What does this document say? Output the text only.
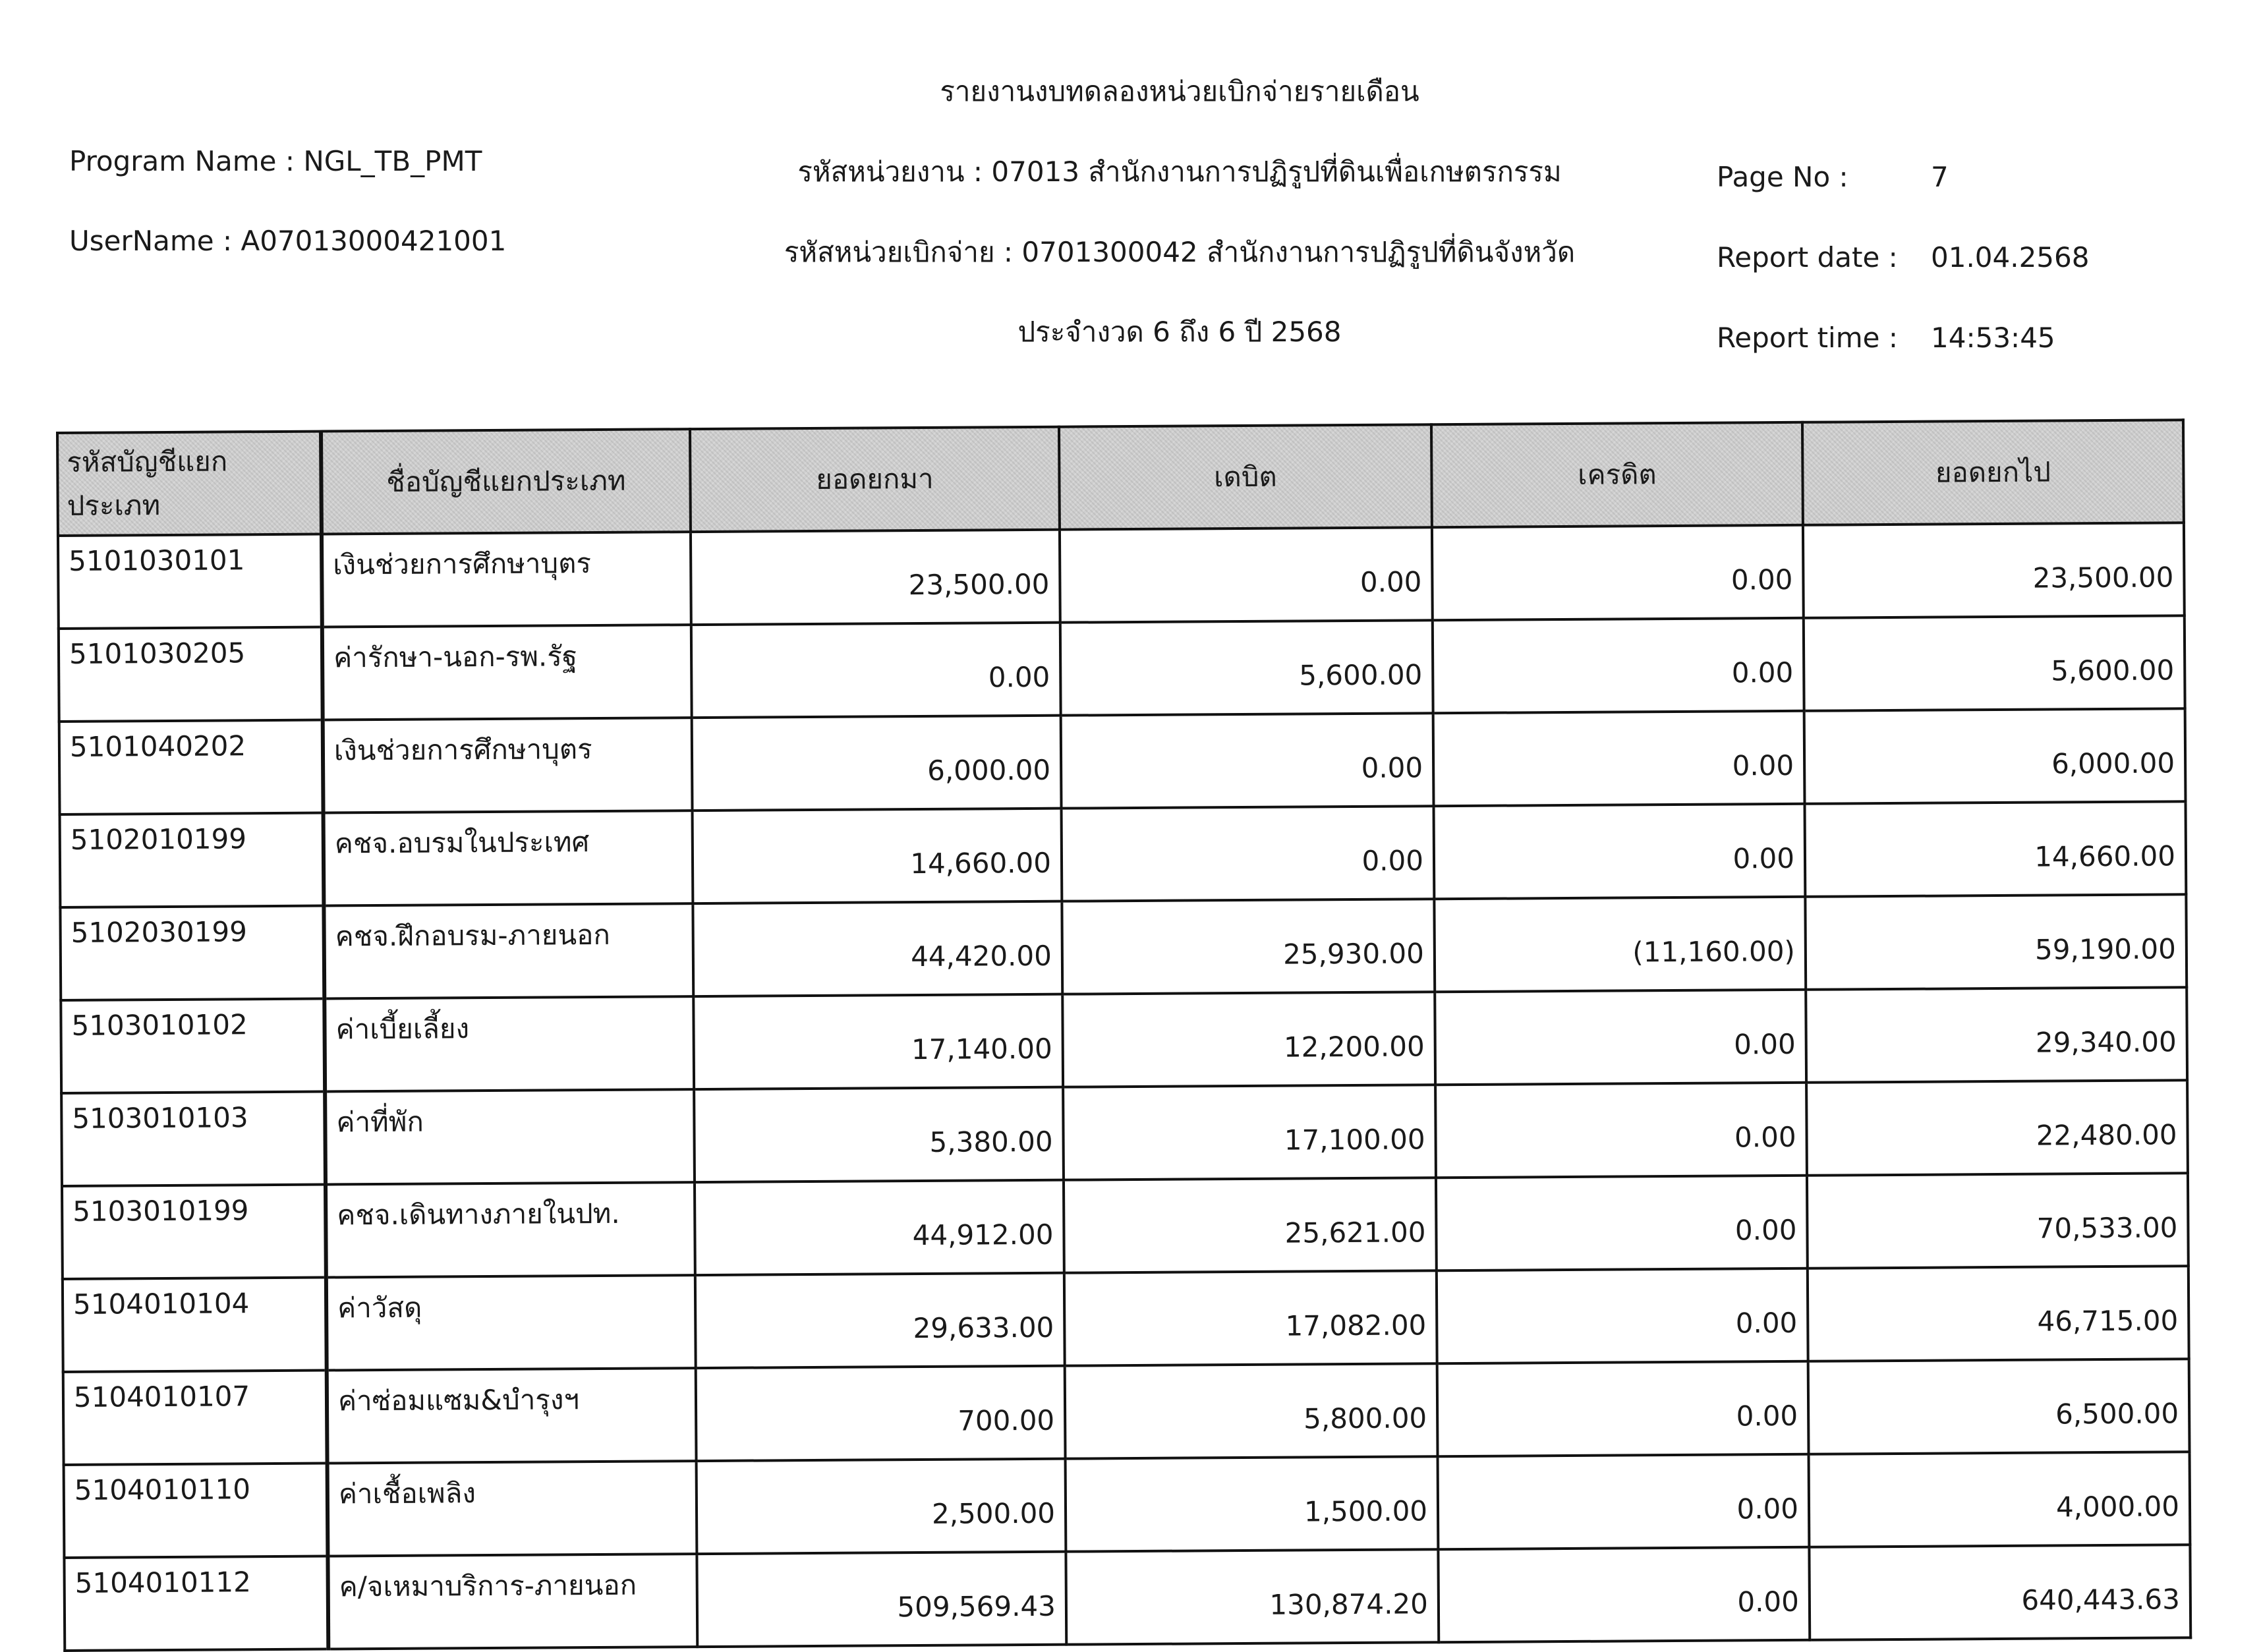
รายงานงบทดลองหน่วยเบิกจ่ายรายเดือน
Program Name : NGL_TB_PMT
UserName : A07013000421001
รหัสหน่วยงาน : 07013 สำนักงานการปฏิรูปที่ดินเพื่อเกษตรกรรม
รหัสหน่วยเบิกจ่าย : 0701300042 สำนักงานการปฏิรูปที่ดินจังหวัด
ประจำงวด 6 ถึง 6 ปี 2568
Page No :	7
Report date : 01.04.2568
Report time : 14:53:45
รหัสบัญชีแยกประเภท	ชื่อบัญชีแยกประเภท	ยอดยกมา	เดบิต	เครดิต	ยอดยกไป
5101030101	เงินช่วยการศึกษาบุตร	23,500.00	0.00	0.00	23,500.00
5101030205	ค่ารักษา-นอก-รพ.รัฐ	0.00	5,600.00	0.00	5,600.00
5101040202	เงินช่วยการศึกษาบุตร	6,000.00	0.00	0.00	6,000.00
5102010199	คชจ.อบรมในประเทศ	14,660.00	0.00	0.00	14,660.00
5102030199	คชจ.ฝึกอบรม-ภายนอก	44,420.00	25,930.00	(11,160.00)	59,190.00
5103010102	ค่าเบี้ยเลี้ยง	17,140.00	12,200.00	0.00	29,340.00
5103010103	ค่าที่พัก	5,380.00	17,100.00	0.00	22,480.00
5103010199	คชจ.เดินทางภายในปท.	44,912.00	25,621.00	0.00	70,533.00
5104010104	ค่าวัสดุ	29,633.00	17,082.00	0.00	46,715.00
5104010107	ค่าซ่อมแซม&บำรุงฯ	700.00	5,800.00	0.00	6,500.00
5104010110	ค่าเชื้อเพลิง	2,500.00	1,500.00	0.00	4,000.00
5104010112	ค/จเหมาบริการ-ภายนอก	509,569.43	130,874.20	0.00	640,443.63
